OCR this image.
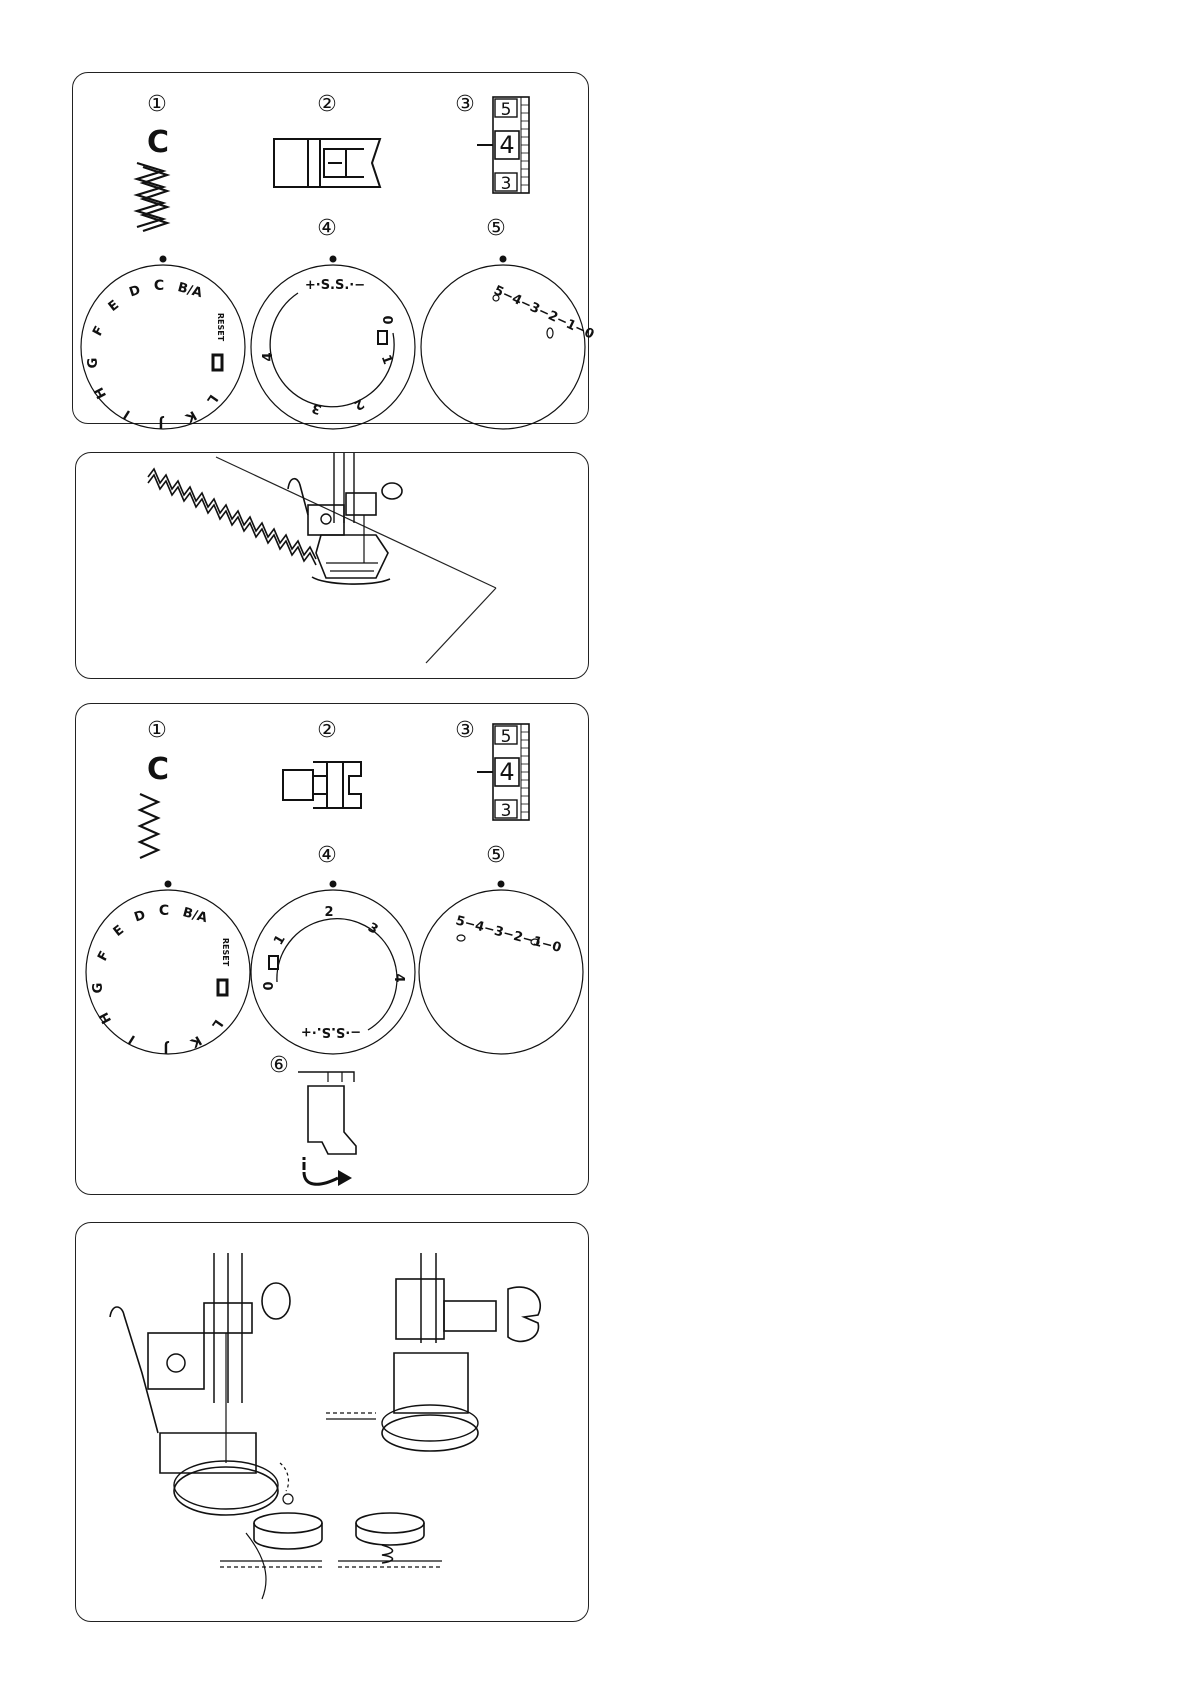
①	②	③
④	⑤
C
5
4
3
C B/A
D
E
F
G
H
I
J K
L
RESET
+·S.S.·−
0
1
2
3
4
5−4−3−2−1−0
①	②	③
④	⑤
⑥
C
5
4
3
C B/A
D
E
F
G
H
I
J K
L
RESET
0
1
2
3
4
−·S.S.·+
5−4−3−2−1−0
